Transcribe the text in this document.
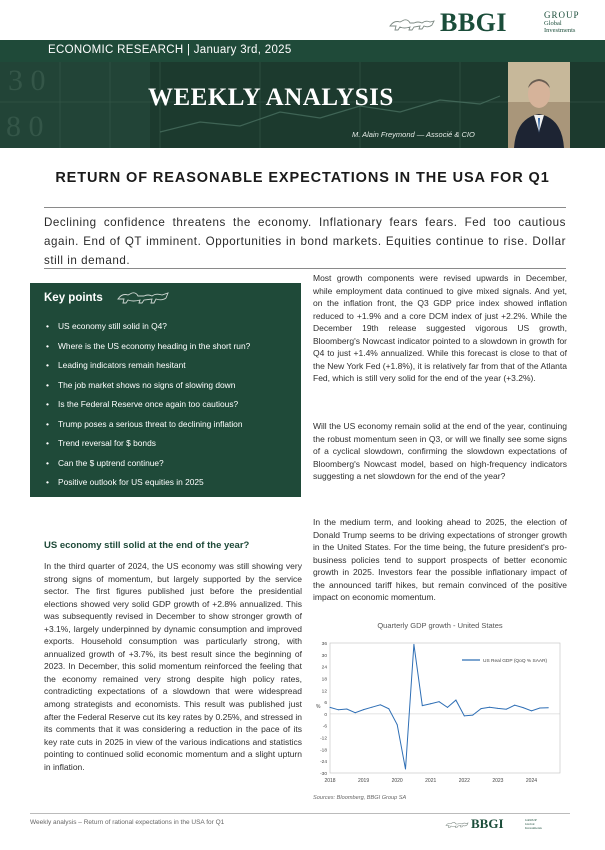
BBGI	GROUP
Global
Investments
3 0
8 0
ECONOMIC RESEARCH | January 3rd, 2025
WEEKLY ANALYSIS
M. Alain Freymond — Associé & CIO
RETURN OF REASONABLE EXPECTATIONS IN THE USA FOR Q1
Declining confidence threatens the economy. Inflationary fears fears. Fed too cautious again. End of QT imminent. Opportunities in bond markets. Equities continue to rise. Dollar still in demand.
Key points
• US economy still solid in Q4?
• Where is the US economy heading in the short run?
• Leading indicators remain hesitant
• The job market shows no signs of slowing down
• Is the Federal Reserve once again too cautious?
• Trump poses a serious threat to declining inflation
• Trend reversal for $ bonds
• Can the $ uptrend continue?
• Positive outlook for US equities in 2025
US economy still solid at the end of the year?
In the third quarter of 2024, the US economy was still showing very strong signs of momentum, but largely supported by the service sector. The first figures published just before the presidential elections showed very solid GDP growth of +2.8% annualized. This was subsequently revised in December to show stronger growth of +3.1%, largely underpinned by dynamic consumption and improved exports. Household consumption was particularly strong, with annualized growth of +3.7%, its best result since the beginning of 2023. In December, this solid momentum reinforced the feeling that the economy remained very strong despite high policy rates, contradicting expectations of a slowdown that were widespread among strategists and economists. This result was published just after the Federal Reserve cut its key rates by 0.25%, and stressed in its comments that it was considering a reduction in the pace of its key rate cuts in 2025 in view of the various indications and statistics pointing to continued solid economic momentum and a slight upturn in inflation.
Most growth components were revised upwards in December, while employment data continued to give mixed signals. And yet, on the inflation front, the Q3 GDP price index showed inflation reduced to +1.9% and a core DCM index of just +2.2%. While the December 19th release suggested vigorous US growth, Bloomberg's Nowcast indicator pointed to a slowdown in growth for Q4 to just +1.4% annualized. While this forecast is close to that of the New York Fed (+1.8%), it is relatively far from that of the Atlanta Fed, which is still very solid for the end of the year (+3.2%).
Will the US economy remain solid at the end of the year, continuing the robust momentum seen in Q3, or will we finally see some signs of a cyclical slowdown, confirming the slowdown expectations of Bloomberg's Nowcast model, based on high-frequency indicators suggesting a net slowdown for the end of the year?
In the medium term, and looking ahead to 2025, the election of Donald Trump seems to be driving expectations of stronger growth in the United States. For the time being, the future president's pro-business policies tend to support prospects of better economic growth in 2025. Investors fear the possible inflationary impact of the announced tariff hikes, but remain convinced of the positive impact on economic momentum.
Quarterly GDP growth - United States
36
30
24
18
12
6
0
-6
-12
-18
-24
-30
2018	2019	2020	2021	2022	2023	2024
%
US Real GDP (QoQ % SAAR)
Sources: Bloomberg, BBGI Group SA
Weekly analysis – Return of rational expectations in the USA for Q1	BBGI	GROUP
Global
Investments
